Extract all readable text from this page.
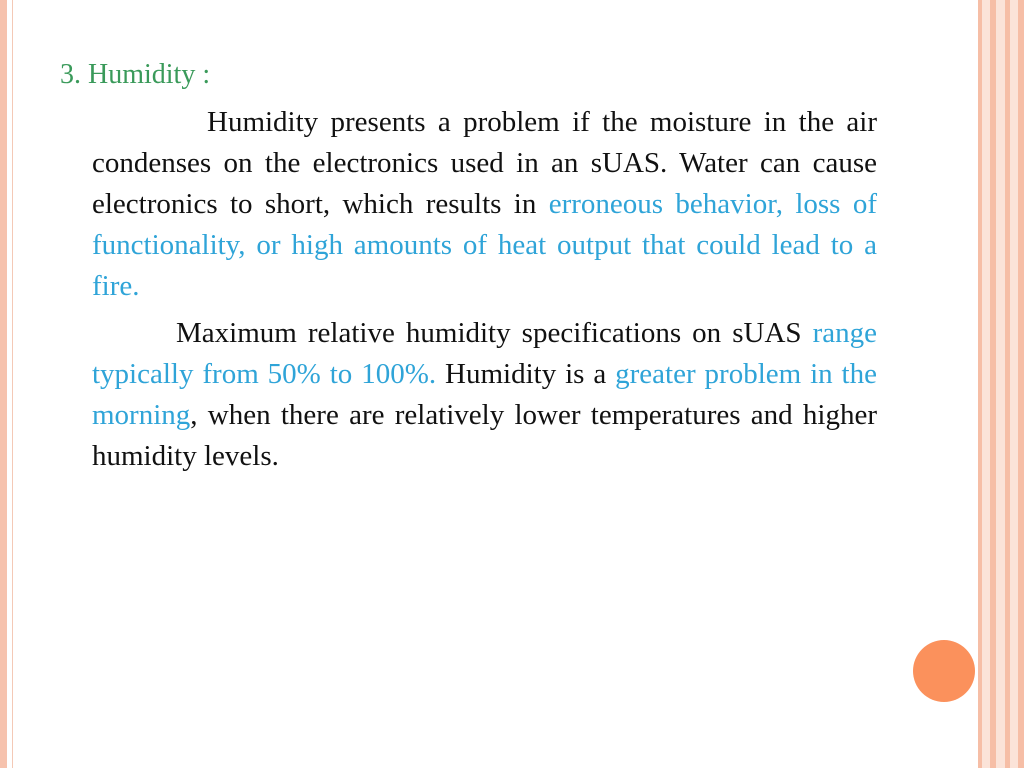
3. Humidity :

Humidity presents a problem if the moisture in the air condenses on the electronics used in an sUAS. Water can cause electronics to short, which results in erroneous behavior, loss of functionality, or high amounts of heat output that could lead to a fire.

Maximum relative humidity specifications on sUAS range typically from 50% to 100%. Humidity is a greater problem in the morning, when there are relatively lower temperatures and higher humidity levels.
